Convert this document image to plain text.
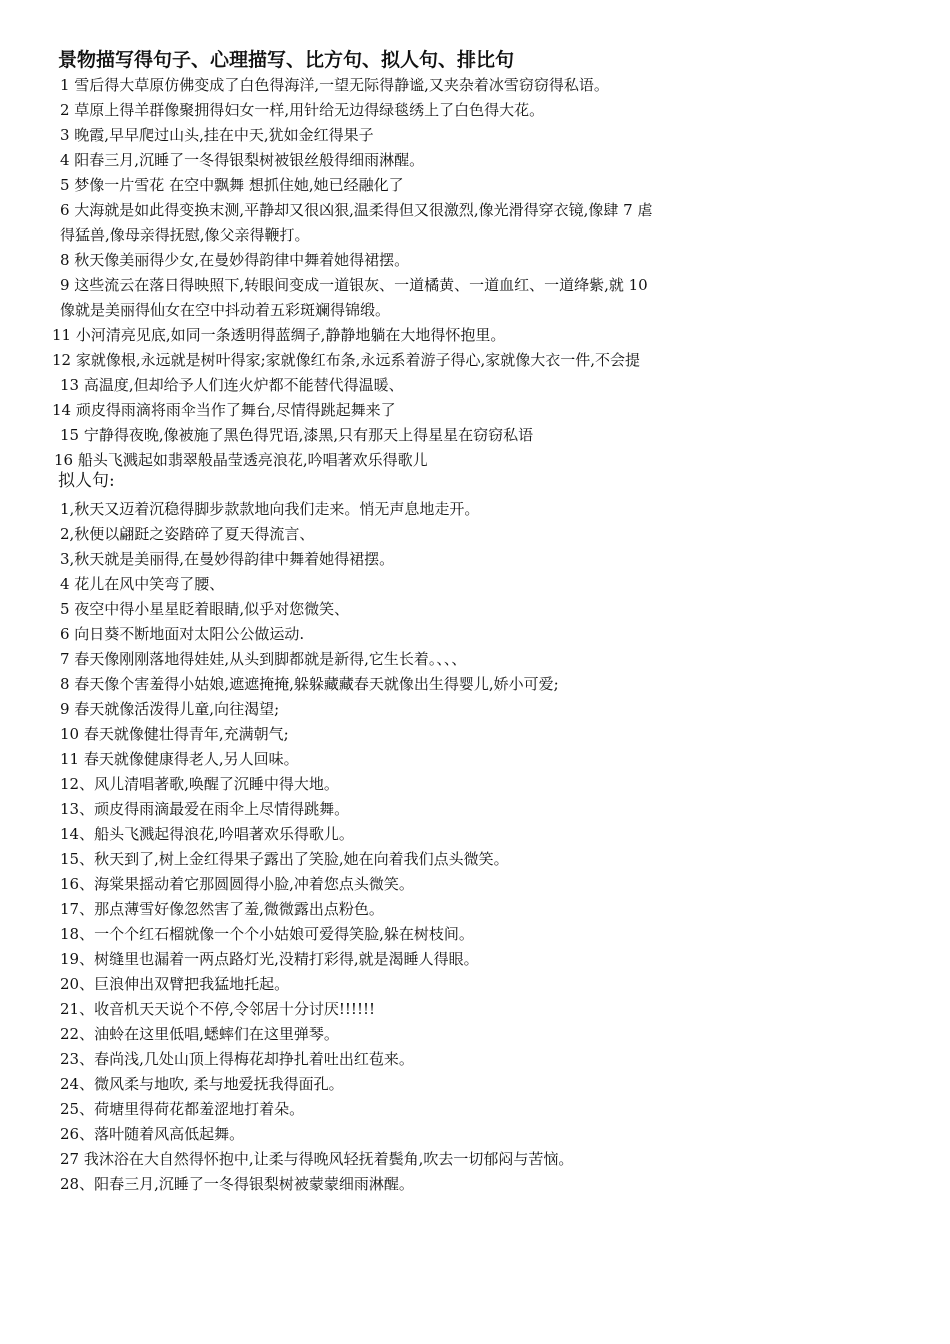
景物描写得句子、心理描写、比方句、拟人句、排比句

1 雪后得大草原仿佛变成了白色得海洋,一望无际得静谧,又夹杂着冰雪窃窃得私语。

2 草原上得羊群像聚拥得妇女一样,用针给无边得绿毯绣上了白色得大花。

3 晚霞,早早爬过山头,挂在中天,犹如金红得果子

4 阳春三月,沉睡了一冬得银梨树被银丝般得细雨淋醒。

5 梦像一片雪花 在空中飘舞 想抓住她,她已经融化了

6 大海就是如此得变换末测,平静却又很凶狠,温柔得但又很激烈,像光滑得穿衣镜,像肆 7 虐

得猛兽,像母亲得抚慰,像父亲得鞭打。

8 秋天像美丽得少女,在曼妙得韵律中舞着她得裙摆。

9 这些流云在落日得映照下,转眼间变成一道银灰、一道橘黄、一道血红、一道绛紫,就 10

像就是美丽得仙女在空中抖动着五彩斑斓得锦缎。

11 小河清亮见底,如同一条透明得蓝绸子,静静地躺在大地得怀抱里。

12 家就像根,永远就是树叶得家;家就像红布条,永远系着游子得心,家就像大衣一件,不会提

13 高温度,但却给予人们连火炉都不能替代得温暖、

14 顽皮得雨滴将雨伞当作了舞台,尽情得跳起舞来了

15 宁静得夜晚,像被施了黑色得咒语,漆黑,只有那天上得星星在窃窃私语

16 船头飞溅起如翡翠般晶莹透亮浪花,吟唱著欢乐得歌儿

拟人句:

1,秋天又迈着沉稳得脚步款款地向我们走来。悄无声息地走开。

2,秋便以翩跹之姿踏碎了夏天得流言、

3,秋天就是美丽得,在曼妙得韵律中舞着她得裙摆。

4 花儿在风中笑弯了腰、

5 夜空中得小星星眨着眼睛,似乎对您微笑、

6 向日葵不断地面对太阳公公做运动.

7 春天像刚刚落地得娃娃,从头到脚都就是新得,它生长着。、、、

8 春天像个害羞得小姑娘,遮遮掩掩,躲躲藏藏春天就像出生得婴儿,娇小可爱;

9 春天就像活泼得儿童,向往渴望;

10 春天就像健壮得青年,充满朝气;

11 春天就像健康得老人,另人回味。

12、风儿清唱著歌,唤醒了沉睡中得大地。

13、顽皮得雨滴最爱在雨伞上尽情得跳舞。

14、船头飞溅起得浪花,吟唱著欢乐得歌儿。

15、秋天到了,树上金红得果子露出了笑脸,她在向着我们点头微笑。

16、海棠果摇动着它那圆圆得小脸,冲着您点头微笑。

17、那点薄雪好像忽然害了羞,微微露出点粉色。

18、一个个红石榴就像一个个小姑娘可爱得笑脸,躲在树枝间。

19、树缝里也漏着一两点路灯光,没精打彩得,就是渴睡人得眼。

20、巨浪伸出双臂把我猛地托起。

21、收音机天天说个不停,令邻居十分讨厌!!!!!!

22、油蛉在这里低唱,蟋蟀们在这里弹琴。

23、春尚浅,几处山顶上得梅花却挣扎着吐出红苞来。

24、微风柔与地吹, 柔与地爱抚我得面孔。

25、荷塘里得荷花都羞涩地打着朵。

26、落叶随着风高低起舞。

27 我沐浴在大自然得怀抱中,让柔与得晚风轻抚着鬓角,吹去一切郁闷与苦恼。

28、阳春三月,沉睡了一冬得银梨树被蒙蒙细雨淋醒。
